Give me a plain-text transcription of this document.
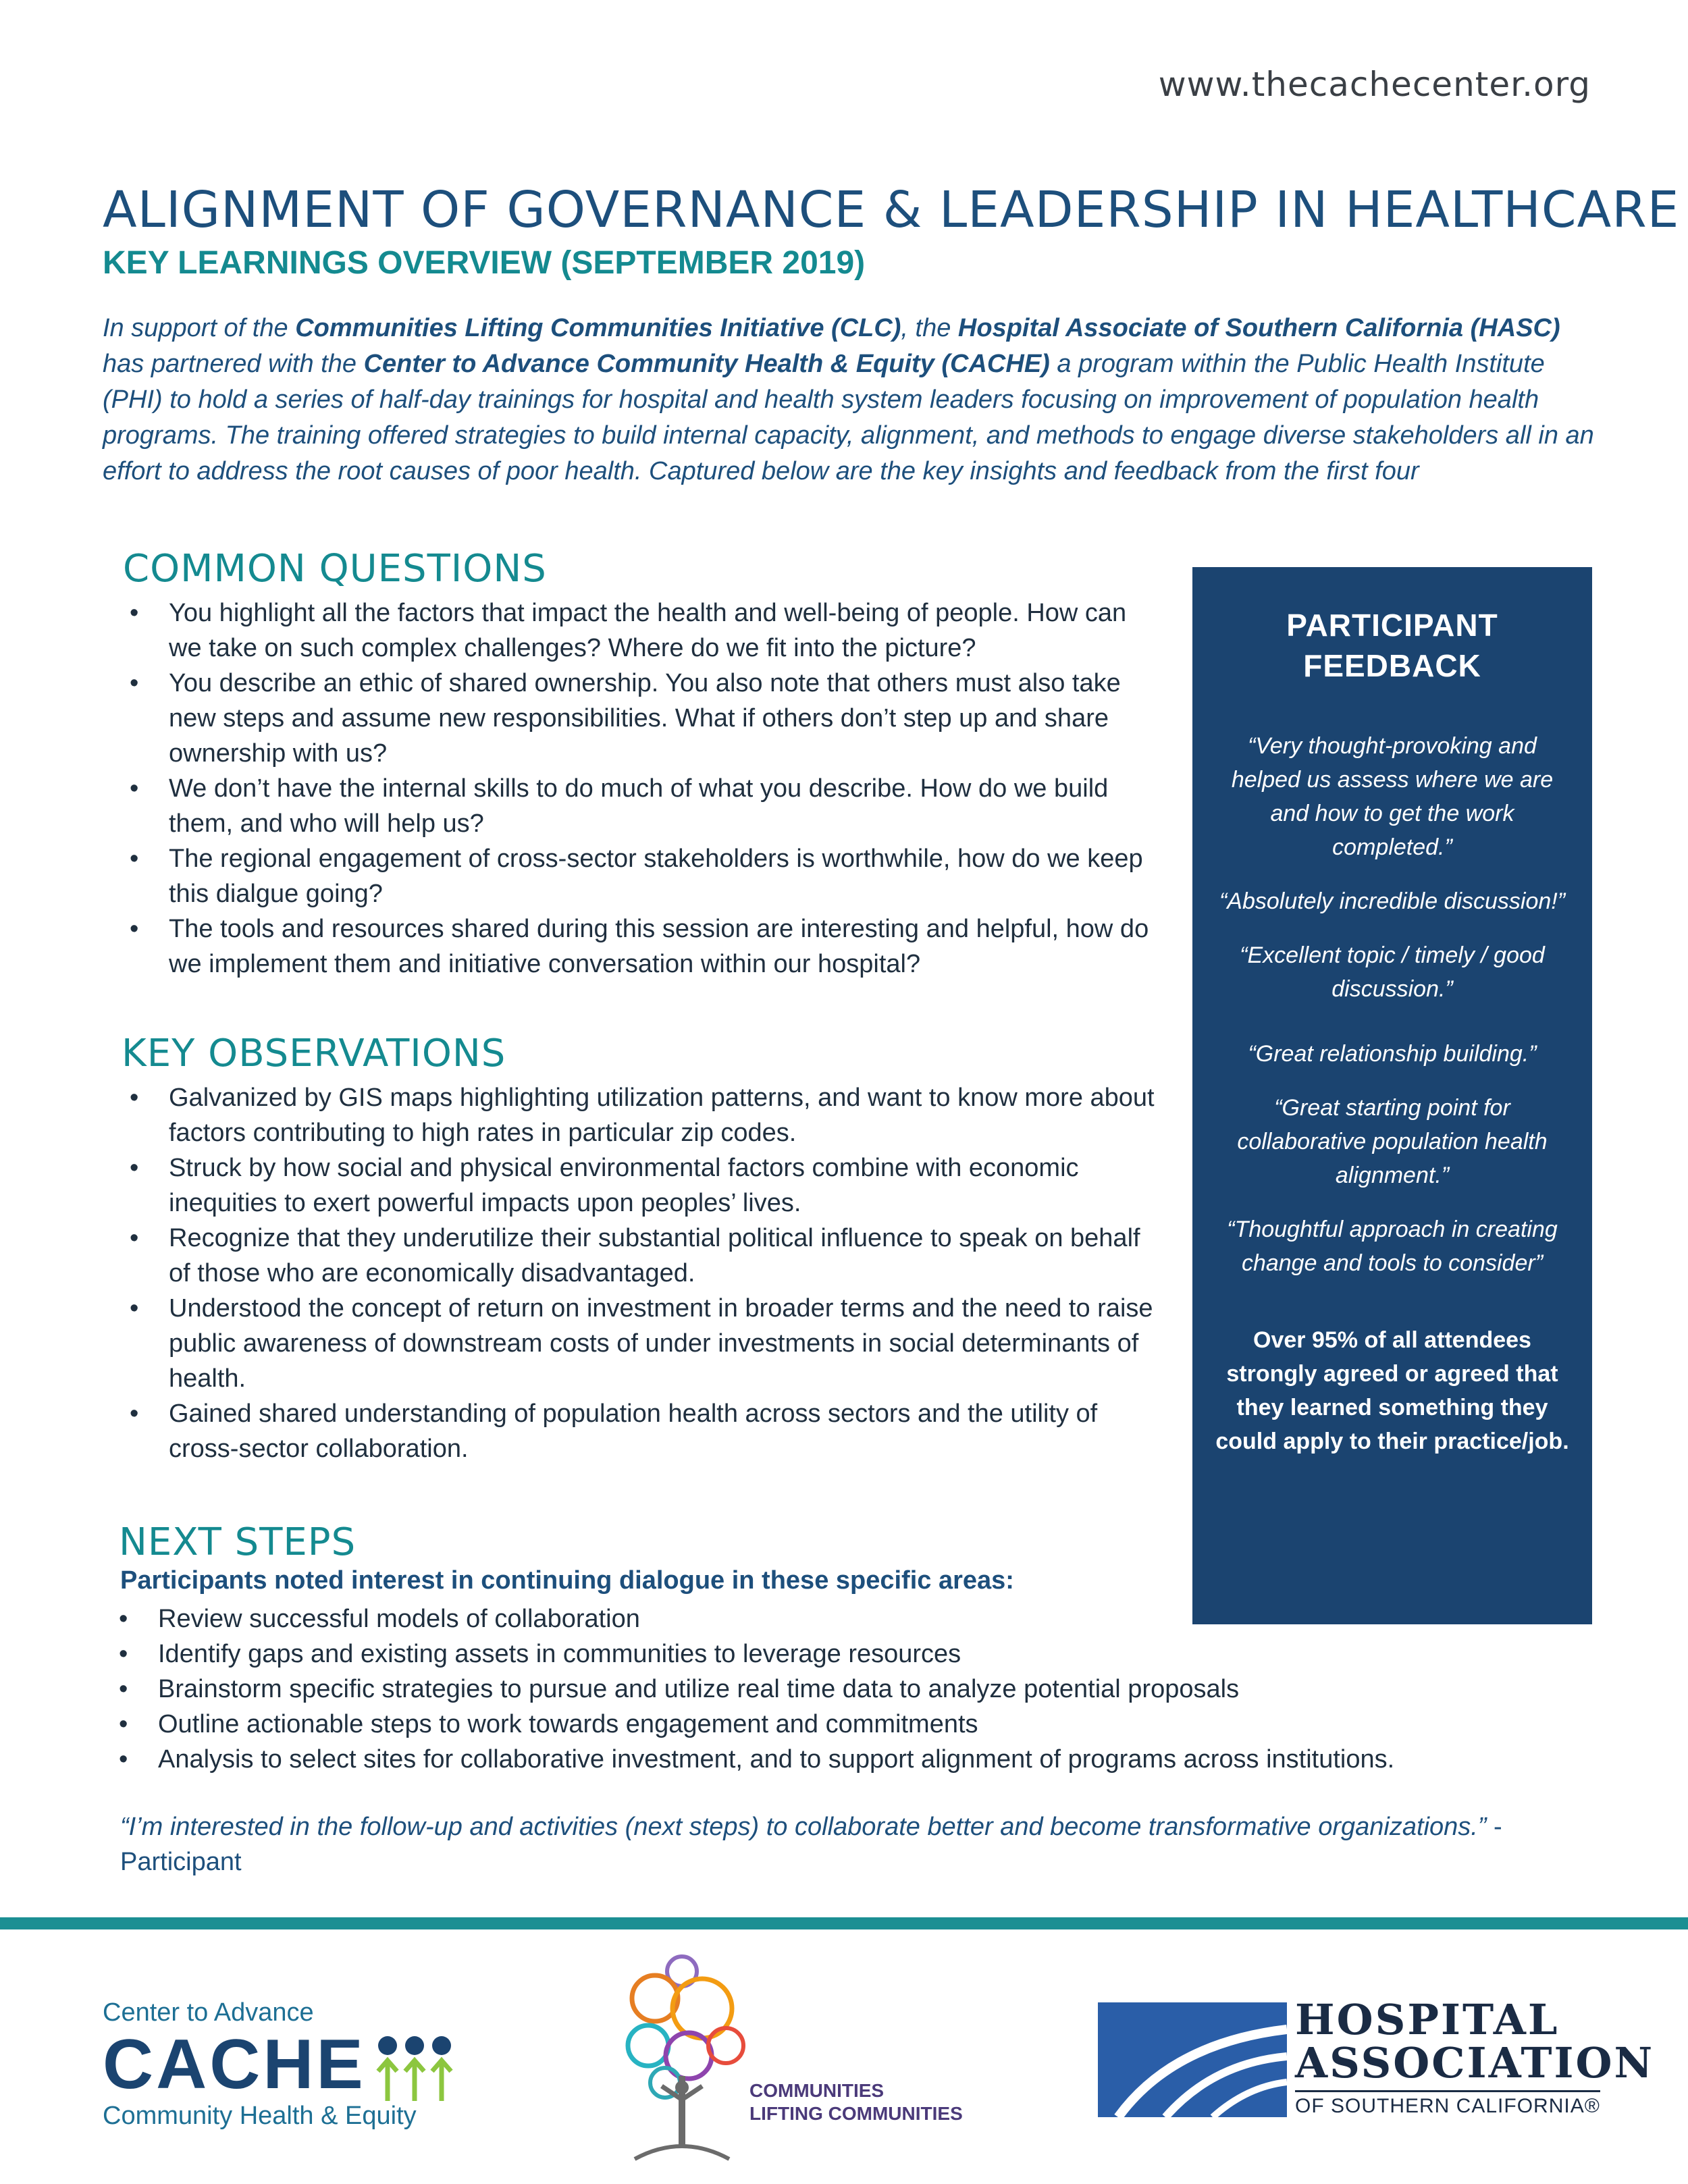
www.thecachecenter.org
ALIGNMENT OF GOVERNANCE & LEADERSHIP IN HEALTHCARE
KEY LEARNINGS OVERVIEW (SEPTEMBER 2019)

In support of the Communities Lifting Communities Initiative (CLC), the Hospital Associate of Southern California (HASC) has partnered with the Center to Advance Community Health & Equity (CACHE) a program within the Public Health Institute (PHI) to hold a series of half-day trainings for hospital and health system leaders focusing on improvement of population health programs. The training offered strategies to build internal capacity, alignment, and methods to engage diverse stakeholders all in an effort to address the root causes of poor health. Captured below are the key insights and feedback from the first four

COMMON QUESTIONS
• You highlight all the factors that impact the health and well-being of people. How can we take on such complex challenges? Where do we fit into the picture?
• You describe an ethic of shared ownership. You also note that others must also take new steps and assume new responsibilities. What if others don’t step up and share ownership with us?
• We don’t have the internal skills to do much of what you describe. How do we build them, and who will help us?
• The regional engagement of cross-sector stakeholders is worthwhile, how do we keep this dialgue going?
• The tools and resources shared during this session are interesting and helpful, how do we implement them and initiative conversation within our hospital?
KEY OBSERVATIONS
• Galvanized by GIS maps highlighting utilization patterns, and want to know more about factors contributing to high rates in particular zip codes.
• Struck by how social and physical environmental factors combine with economic inequities to exert powerful impacts upon peoples’ lives.
• Recognize that they underutilize their substantial political influence to speak on behalf of those who are economically disadvantaged.
• Understood the concept of return on investment in broader terms and the need to raise public awareness of downstream costs of under investments in social determinants of health.
• Gained shared understanding of population health across sectors and the utility of cross-sector collaboration.
NEXT STEPS
Participants noted interest in continuing dialogue in these specific areas:
• Review successful models of collaboration
• Identify gaps and existing assets in communities to leverage resources
• Brainstorm specific strategies to pursue and utilize real time data to analyze potential proposals
• Outline actionable steps to work towards engagement and commitments
• Analysis to select sites for collaborative investment, and to support alignment of programs across institutions.

“I’m interested in the follow-up and activities (next steps) to collaborate better and become transformative organizations.” - Participant

PARTICIPANT
FEEDBACK

“Very thought-provoking and helped us assess where we are and how to get the work completed.”

“Absolutely incredible discussion!”

“Excellent topic / timely / good discussion.”

“Great relationship building.”

“Great starting point for collaborative population health alignment.”

“Thoughtful approach in creating change and tools to consider”

Over 95% of all attendees strongly agreed or agreed that they learned something they could apply to their practice/job.

Center to Advance
CACHE
Community Health & Equity
COMMUNITIES
LIFTING COMMUNITIES
HOSPITAL
ASSOCIATION
OF SOUTHERN CALIFORNIA®
